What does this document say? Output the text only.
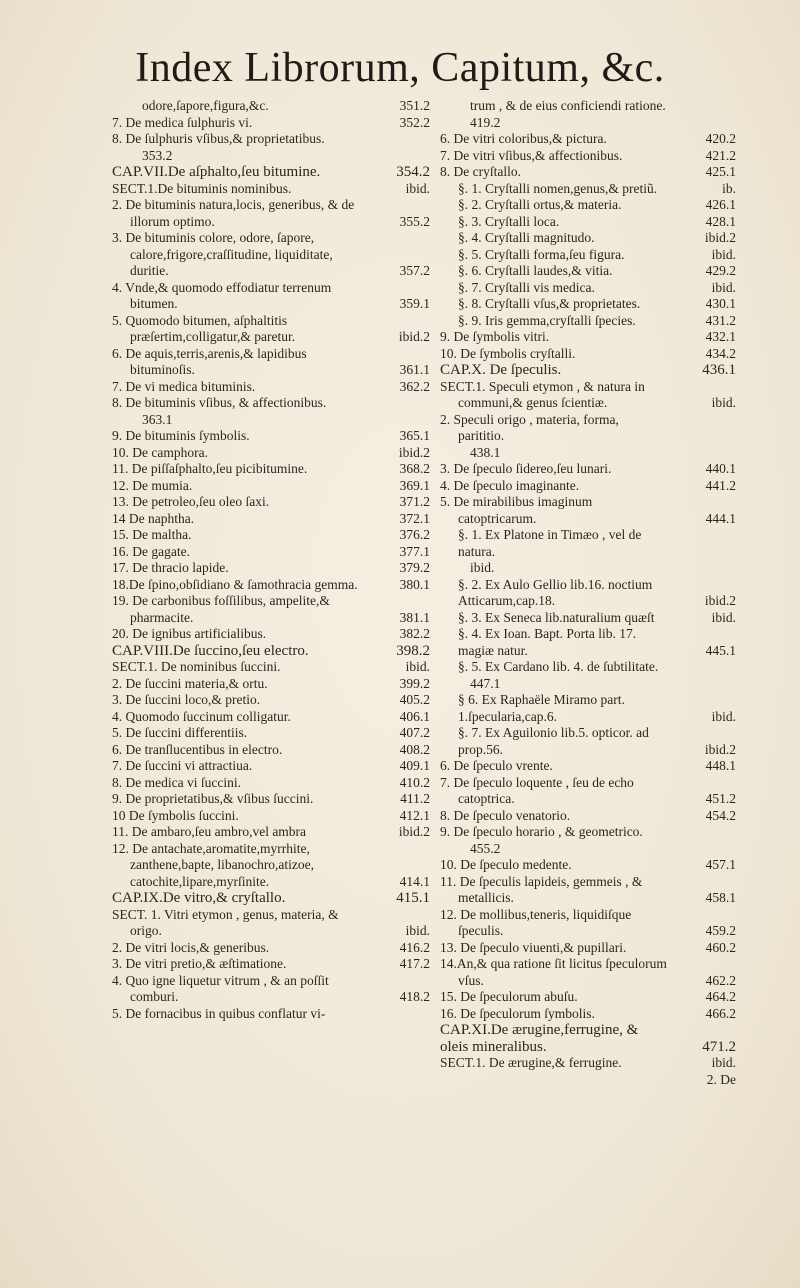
Index Librorum, Capitum, &c.
odore,ſapore,figura,&c.	351.2
7. De medica ſulphuris vi.	352.2
8. De ſulphuris vſibus,& proprietatibus.
353.2
CAP.VII.De aſphalto,ſeu bitumine.	354.2
SECT.1.De bituminis nominibus.	ibid.
2. De bituminis natura,locis, generibus, & de illorum optimo.	355.2
3. De bituminis colore, odore, ſapore, calore,frigore,craſſitudine, liquiditate, duritie.	357.2
4. Vnde,& quomodo effodiatur terrenum bitumen.	359.1
5. Quomodo bitumen, aſphaltitis præſertim,colligatur,& paretur.	ibid.2
6. De aquis,terris,arenis,& lapidibus bituminoſis.	361.1
7. De vi medica bituminis.	362.2
8. De bituminis vſibus, & affectionibus.
363.1
9. De bituminis ſymbolis.	365.1
10. De camphora.	ibid.2
11. De piſſaſphalto,ſeu picibitumine.	368.2
12. De mumia.	369.1
13. De petroleo,ſeu oleo ſaxi.	371.2
14 De naphtha.	372.1
15. De maltha.	376.2
16. De gagate.	377.1
17. De thracio lapide.	379.2
18.De ſpino,obſidiano & ſamothracia gemma.	380.1
19. De carbonibus foſſilibus, ampelite,& pharmacite.	381.1
20. De ignibus artificialibus.	382.2
CAP.VIII.De ſuccino,ſeu electro.	398.2
SECT.1. De nominibus ſuccini.	ibid.
2. De ſuccini materia,& ortu.	399.2
3. De ſuccini loco,& pretio.	405.2
4. Quomodo ſuccinum colligatur.	406.1
5. De ſuccini differentiis.	407.2
6. De tranſlucentibus in electro.	408.2
7. De ſuccini vi attractiua.	409.1
8. De medica vi ſuccini.	410.2
9. De proprietatibus,& vſibus ſuccini.	411.2
10 De ſymbolis ſuccini.	412.1
11. De ambaro,ſeu ambro,vel ambra	ibid.2
12. De antachate,aromatite,myrrhite, zanthene,bapte, libanochro,atizoe, catochite,lipare,myrſinite.	414.1
CAP.IX.De vitro,& cryſtallo.	415.1
SECT. 1. Vitri etymon , genus, materia, & origo.	ibid.
2. De vitri locis,& generibus.	416.2
3. De vitri pretio,& æſtimatione.	417.2
4. Quo igne liquetur vitrum , & an poſſit comburi.	418.2
5. De fornacibus in quibus conflatur vi-
trum , & de eius conficiendi ratione.
419.2
6. De vitri coloribus,& pictura.	420.2
7. De vitri vſibus,& affectionibus.	421.2
8. De cryſtallo.	425.1
§. 1. Cryſtalli nomen,genus,& pretiũ.	ib.
§. 2. Cryſtalli ortus,& materia.	426.1
§. 3. Cryſtalli loca.	428.1
§. 4. Cryſtalli magnitudo.	ibid.2
§. 5. Cryſtalli forma,ſeu figura.	ibid.
§. 6. Cryſtalli laudes,& vitia.	429.2
§. 7. Cryſtalli vis medica.	ibid.
§. 8. Cryſtalli vſus,& proprietates.	430.1
§. 9. Iris gemma,cryſtalli ſpecies.	431.2
9. De ſymbolis vitri.	432.1
10. De ſymbolis cryſtalli.	434.2
CAP.X. De ſpeculis.	436.1
SECT.1. Speculi etymon , & natura in communi,& genus ſcientiæ.	ibid.
2. Speculi origo , materia, forma, parititio.
438.1
3. De ſpeculo ſidereo,ſeu lunari.	440.1
4. De ſpeculo imaginante.	441.2
5. De mirabilibus imaginum catoptricarum.	444.1
§. 1. Ex Platone in Timæo , vel de natura.
ibid.
§. 2. Ex Aulo Gellio lib.16. noctium Atticarum,cap.18.	ibid.2
§. 3. Ex Seneca lib.naturalium quæſt	ibid.
§. 4. Ex Ioan. Bapt. Porta lib. 17. magiæ natur.	445.1
§. 5. Ex Cardano lib. 4. de ſubtilitate.
447.1
§ 6. Ex Raphaële Miramo part. 1.ſpecularia,cap.6.	ibid.
§. 7. Ex Aguilonio lib.5. opticor. ad prop.56.	ibid.2
6. De ſpeculo vrente.	448.1
7. De ſpeculo loquente , ſeu de echo catoptrica.	451.2
8. De ſpeculo venatorio.	454.2
9. De ſpeculo horario , & geometrico.
455.2
10. De ſpeculo medente.	457.1
11. De ſpeculis lapideis, gemmeis , & metallicis.	458.1
12. De mollibus,teneris, liquidiſque ſpeculis.	459.2
13. De ſpeculo viuenti,& pupillari.	460.2
14.An,& qua ratione ſit licitus ſpeculorum vſus.	462.2
15. De ſpeculorum abuſu.	464.2
16. De ſpeculorum ſymbolis.	466.2
CAP.XI.De ærugine,ferrugine, & oleis mineralibus.	471.2
SECT.1. De ærugine,& ferrugine.	ibid.
2. De
